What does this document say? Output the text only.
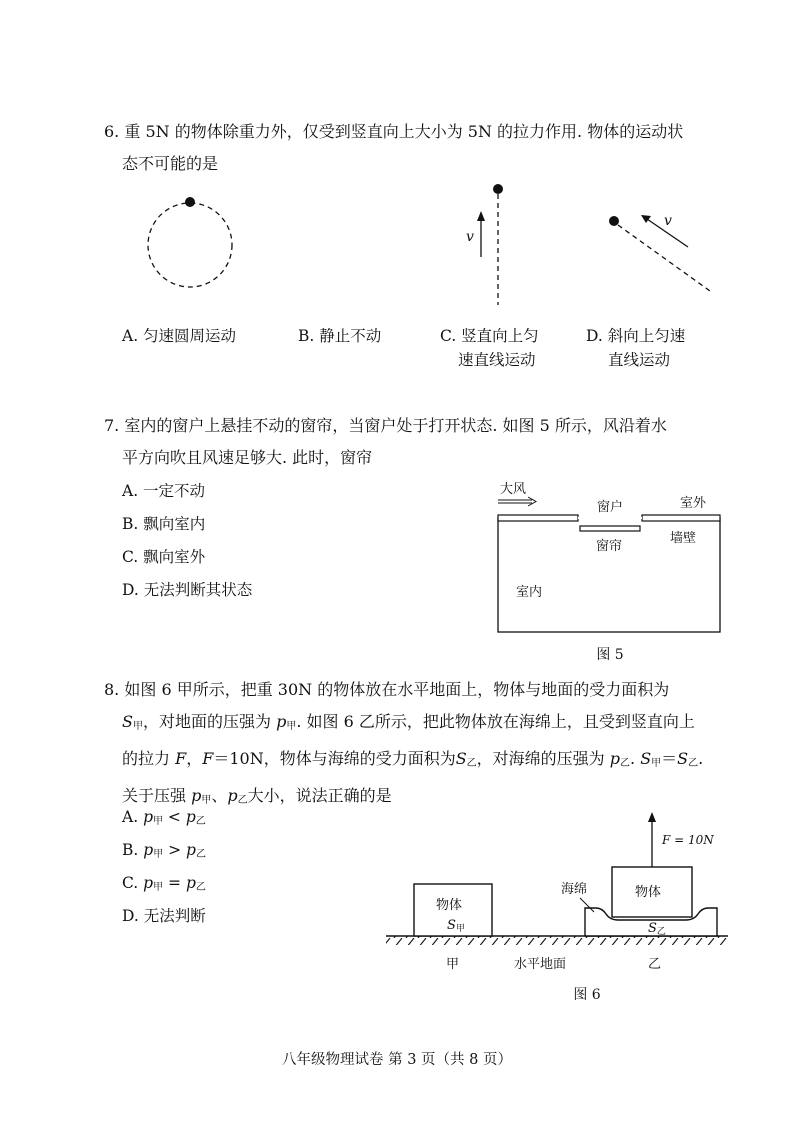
6. 重 5N 的物体除重力外，仅受到竖直向上大小为 5N 的拉力作用. 物体的运动状
态不可能的是
v
v
A. 匀速圆周运动	B. 静止不动	C. 竖直向上匀
速直线运动
D. 斜向上匀速
直线运动
7. 室内的窗户上悬挂不动的窗帘，当窗户处于打开状态. 如图 5 所示，风沿着水
平方向吹且风速足够大. 此时，窗帘
A. 一定不动
B. 飘向室内
C. 飘向室外
D. 无法判断其状态
大风
窗户	室外
窗帘
墙壁
室内
图 5
8. 如图 6 甲所示，把重 30N 的物体放在水平地面上，物体与地面的受力面积为
$S_甲$，对地面的压强为 $p_甲$. 如图 6 乙所示，把此物体放在海绵上，且受到竖直向上
的拉力 F，F＝10N，物体与海绵的受力面积为$S_乙$，对海绵的压强为 $p_乙$. $S_甲=S_乙$.
关于压强 $p_甲$、$p_乙$大小，说法正确的是
A. $p_甲 < p_乙$
B. $p_甲 > p_乙$
C. $p_甲 = p_乙$
D. 无法判断
物体
S甲
物体
F = 10N
海绵
S乙
甲	水平地面	乙
图 6
八年级物理试卷 第 3 页（共 8 页）
